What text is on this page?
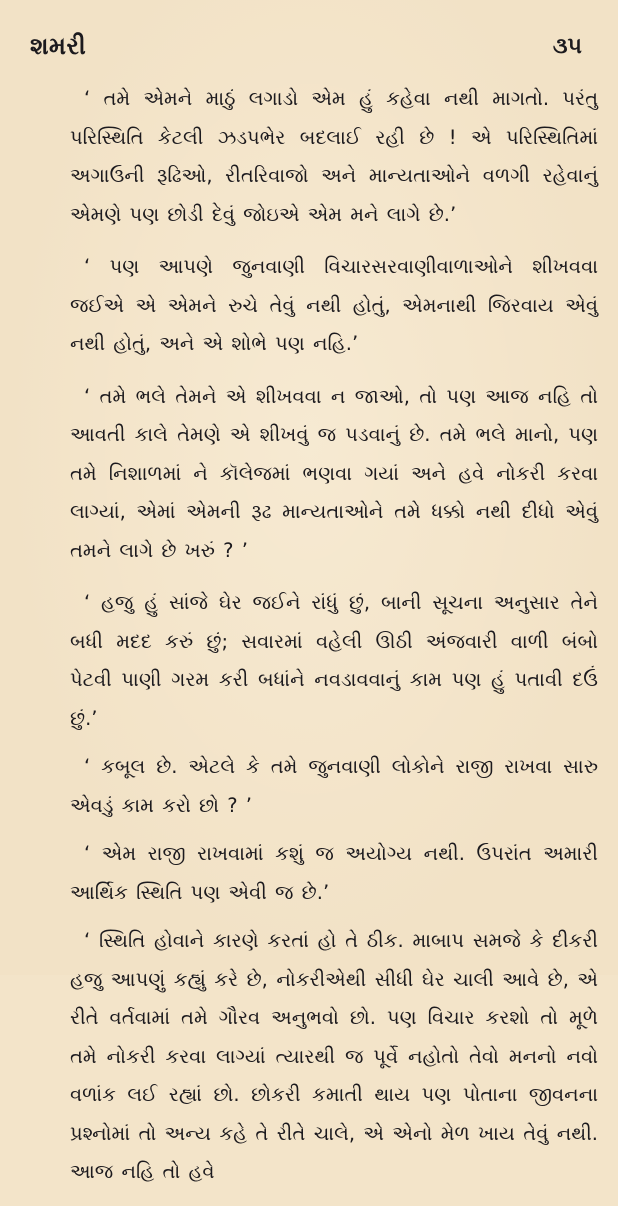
શમરી	૩૫

‘ તમે એમને માઠું લગાડો એમ હું કહેવા નથી માગતો. પરંતુ પરિસ્થિતિ કેટલી ઝડપભેર બદલાઈ રહી છે ! એ પરિસ્થિતિમાં અગાઉની રૂઢિઓ, રીતરિવાજો અને માન્યતાઓને વળગી રહેવાનું એમણે પણ છોડી દેવું જોઇએ એમ મને લાગે છે.’

‘ પણ આપણે જુનવાણી વિચારસરવાણીવાળાઓને શીખવવા જઈએ એ એમને રુચે તેવું નથી હોતું, એમનાથી જિરવાય એવું નથી હોતું, અને એ શોભે પણ નહિ.’

‘ તમે ભલે તેમને એ શીખવવા ન જાઓ, તો પણ આજ નહિ તો આવતી કાલે તેમણે એ શીખવું જ પડવાનું છે. તમે ભલે માનો, પણ તમે નિશાળમાં ને કૉલેજમાં ભણવા ગયાં અને હવે નોકરી કરવા લાગ્યાં, એમાં એમની રૂઢ માન્યતાઓને તમે ધક્કો નથી દીધો એવું તમને લાગે છે ખરું ? ’

‘ હજુ હું સાંજે ઘેર જઈને રાંધું છું, બાની સૂચના અનુસાર તેને બધી મદદ કરું છું; સવારમાં વહેલી ઊઠી અંજવારી વાળી બંબો પેટવી પાણી ગરમ કરી બધાંને નવડાવવાનું કામ પણ હું પતાવી દઉં છું.’

‘ કબૂલ છે. એટલે કે તમે જુનવાણી લોકોને રાજી રાખવા સારુ એવડું કામ કરો છો ? ’

‘ એમ રાજી રાખવામાં કશું જ અયોગ્ય નથી. ઉપરાંત અમારી આર્થિક સ્થિતિ પણ એવી જ છે.’

‘ સ્થિતિ હોવાને કારણે કરતાં હો તે ઠીક. માબાપ સમજે કે દીકરી હજુ આપણું કહ્યું કરે છે, નોકરીએથી સીધી ઘેર ચાલી આવે છે, એ રીતે વર્તવામાં તમે ગૌરવ અનુભવો છો. પણ વિચાર કરશો તો મૂળે તમે નોકરી કરવા લાગ્યાં ત્યારથી જ પૂર્વે નહોતો તેવો મનનો નવો વળાંક લઈ રહ્યાં છો. છોકરી કમાતી થાય પણ પોતાના જીવનના પ્રશ્નોમાં તો અન્ય કહે તે રીતે ચાલે, એ એનો મેળ ખાય તેવું નથી. આજ નહિ તો હવે
